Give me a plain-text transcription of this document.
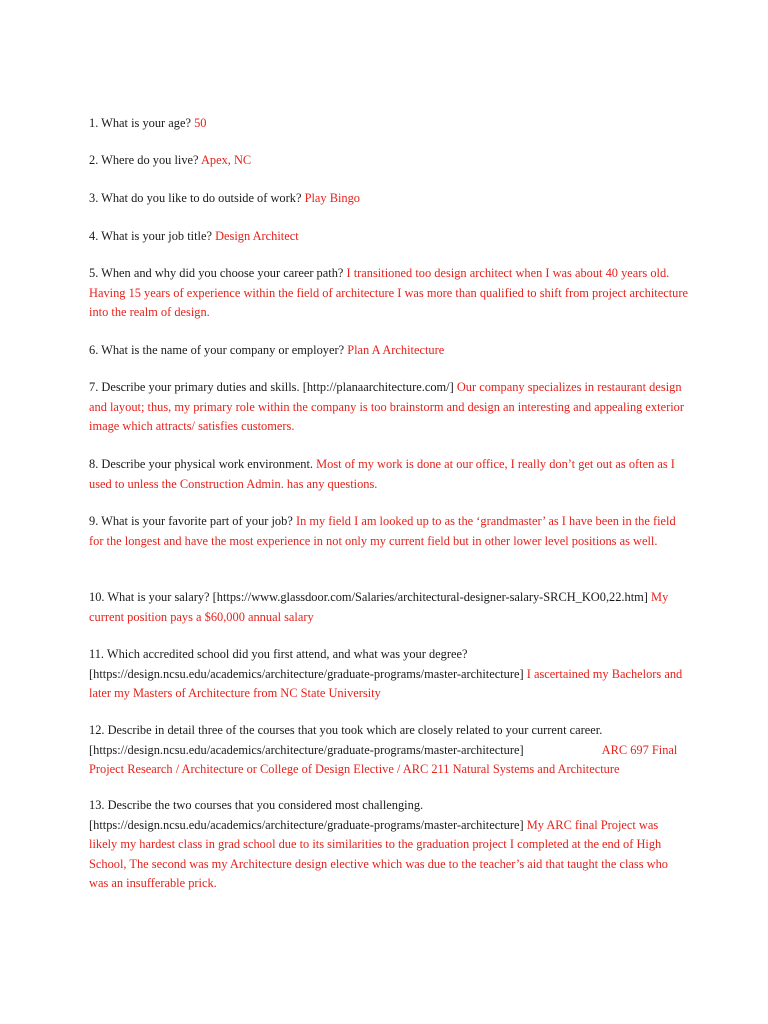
1. What is your age? 50

2. Where do you live? Apex, NC

3. What do you like to do outside of work? Play Bingo

4. What is your job title? Design Architect

5. When and why did you choose your career path? I transitioned too design architect when I was about 40 years old. Having 15 years of experience within the field of architecture I was more than qualified to shift from project architecture into the realm of design.

6. What is the name of your company or employer? Plan A Architecture

7. Describe your primary duties and skills. [http://planaarchitecture.com/] Our company specializes in restaurant design and layout; thus, my primary role within the company is too brainstorm and design an interesting and appealing exterior image which attracts/ satisfies customers.

8. Describe your physical work environment. Most of my work is done at our office, I really don’t get out as often as I used to unless the Construction Admin. has any questions.

9. What is your favorite part of your job? In my field I am looked up to as the ‘grandmaster’ as I have been in the field for the longest and have the most experience in not only my current field but in other lower level positions as well.

10. What is your salary? [https://www.glassdoor.com/Salaries/architectural-designer-salary-SRCH_KO0,22.htm] My current position pays a $60,000 annual salary

11. Which accredited school did you first attend, and what was your degree? [https://design.ncsu.edu/academics/architecture/graduate-programs/master-architecture] I ascertained my Bachelors and later my Masters of Architecture from NC State University

12. Describe in detail three of the courses that you took which are closely related to your current career. [https://design.ncsu.edu/academics/architecture/graduate-programs/master-architecture]	ARC 697 Final Project Research / Architecture or College of Design Elective / ARC 211 Natural Systems and Architecture

13. Describe the two courses that you considered most challenging. [https://design.ncsu.edu/academics/architecture/graduate-programs/master-architecture] My ARC final Project was likely my hardest class in grad school due to its similarities to the graduation project I completed at the end of High School, The second was my Architecture design elective which was due to the teacher’s aid that taught the class who was an insufferable prick.
